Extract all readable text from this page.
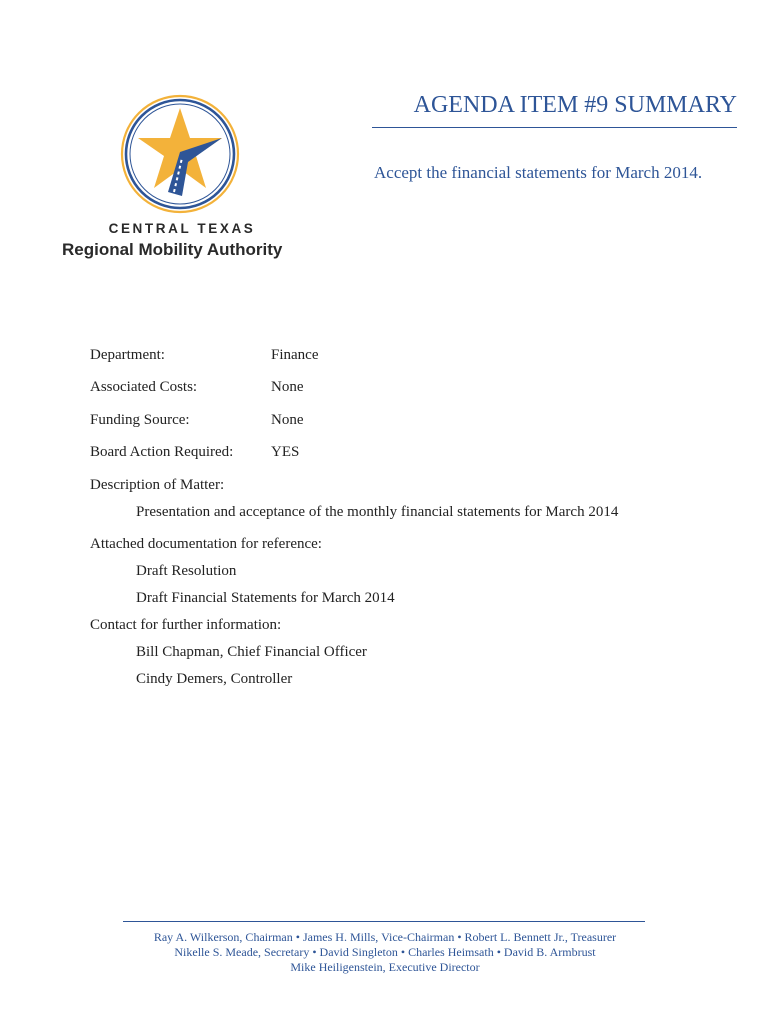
CENTRAL TEXAS
Regional Mobility Authority
AGENDA ITEM #9 SUMMARY
Accept the financial statements for March 2014.
Department:	Finance
Associated Costs:	None
Funding Source:	None
Board Action Required:	YES
Description of Matter:
Presentation and acceptance of the monthly financial statements for March 2014
Attached documentation for reference:
Draft Resolution
Draft Financial Statements for March 2014
Contact for further information:
Bill Chapman, Chief Financial Officer
Cindy Demers, Controller
Ray A. Wilkerson, Chairman • James H. Mills, Vice-Chairman • Robert L. Bennett Jr., Treasurer
Nikelle S. Meade, Secretary • David Singleton • Charles Heimsath • David B. Armbrust
Mike Heiligenstein, Executive Director
